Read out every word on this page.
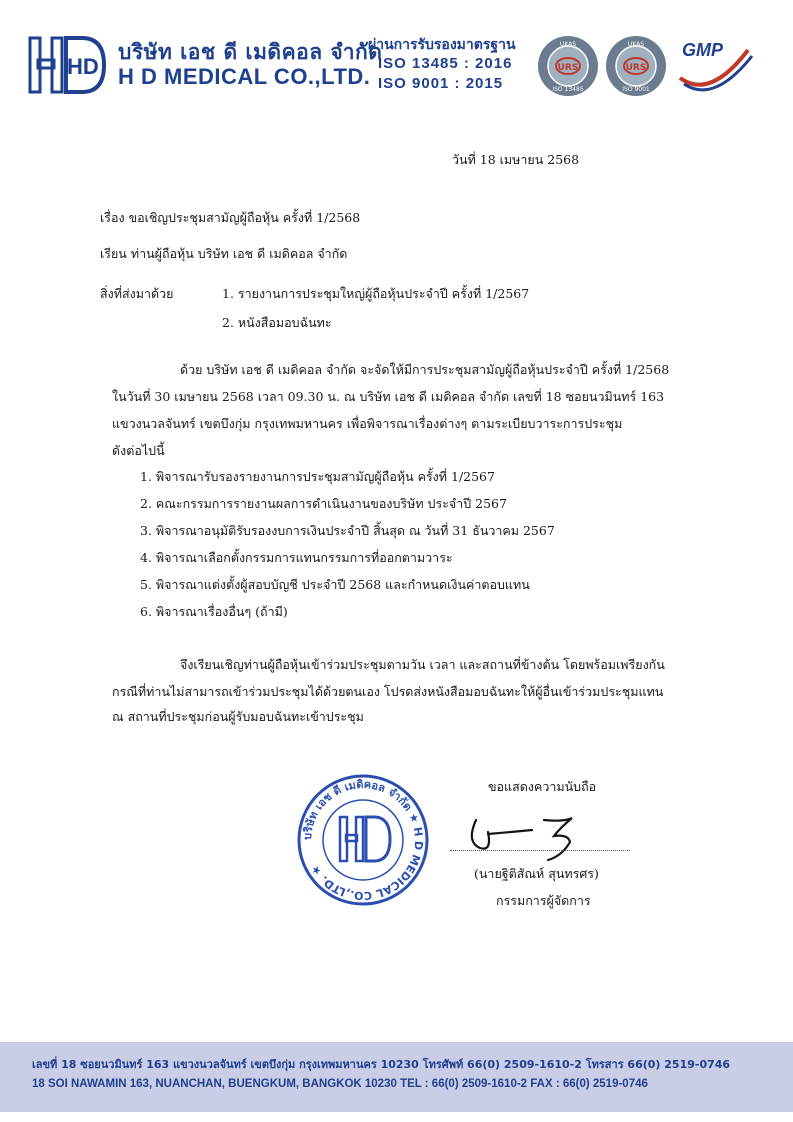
HD
บริษัท เอช ดี เมดิคอล จำกัด
H D MEDICAL CO.,LTD.
ผ่านการรับรองมาตรฐาน
ISO 13485 : 2016
ISO 9001 : 2015
URS
UKAS
ISO 13485
URS
UKAS
ISO 9001
GMP
วันที่ 18 เมษายน 2568
เรื่อง ขอเชิญประชุมสามัญผู้ถือหุ้น ครั้งที่ 1/2568
เรียน ท่านผู้ถือหุ้น บริษัท เอช ดี เมดิคอล จำกัด
สิ่งที่ส่งมาด้วย	1. รายงานการประชุมใหญ่ผู้ถือหุ้นประจำปี ครั้งที่ 1/2567
2. หนังสือมอบฉันทะ
ด้วย บริษัท เอช ดี เมดิคอล จำกัด จะจัดให้มีการประชุมสามัญผู้ถือหุ้นประจำปี ครั้งที่ 1/2568
ในวันที่ 30 เมษายน 2568 เวลา 09.30 น. ณ บริษัท เอช ดี เมดิคอล จำกัด เลขที่ 18 ซอยนวมินทร์ 163
แขวงนวลจันทร์ เขตบึงกุ่ม กรุงเทพมหานคร เพื่อพิจารณาเรื่องต่างๆ ตามระเบียบวาระการประชุม
ดังต่อไปนี้
1. พิจารณารับรองรายงานการประชุมสามัญผู้ถือหุ้น ครั้งที่ 1/2567
2. คณะกรรมการรายงานผลการดำเนินงานของบริษัท ประจำปี 2567
3. พิจารณาอนุมัติรับรองงบการเงินประจำปี สิ้นสุด ณ วันที่ 31 ธันวาคม 2567
4. พิจารณาเลือกตั้งกรรมการแทนกรรมการที่ออกตามวาระ
5. พิจารณาแต่งตั้งผู้สอบบัญชี ประจำปี 2568 และกำหนดเงินค่าตอบแทน
6. พิจารณาเรื่องอื่นๆ (ถ้ามี)
จึงเรียนเชิญท่านผู้ถือหุ้นเข้าร่วมประชุมตามวัน เวลา และสถานที่ข้างต้น โดยพร้อมเพรียงกัน
กรณีที่ท่านไม่สามารถเข้าร่วมประชุมได้ด้วยตนเอง โปรดส่งหนังสือมอบฉันทะให้ผู้อื่นเข้าร่วมประชุมแทน
ณ สถานที่ประชุมก่อนผู้รับมอบฉันทะเข้าประชุม
บริษัท เอช ดี เมดิคอล จำกัด ★ H D MEDICAL CO.,LTD. ★
ขอแสดงความนับถือ
(นายฐิติสัณห์ สุนทรศร)
กรรมการผู้จัดการ
เลขที่ 18 ซอยนวมินทร์ 163 แขวงนวลจันทร์ เขตบึงกุ่ม กรุงเทพมหานคร 10230 โทรศัพท์ 66(0) 2509-1610-2 โทรสาร 66(0) 2519-0746
18 SOI NAWAMIN 163, NUANCHAN, BUENGKUM, BANGKOK 10230 TEL : 66(0) 2509-1610-2 FAX : 66(0) 2519-0746
